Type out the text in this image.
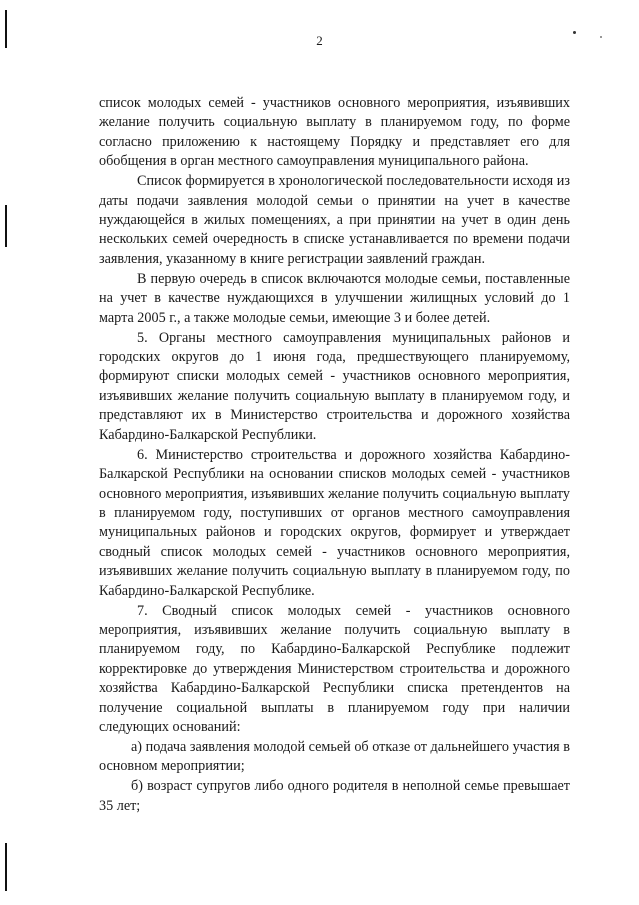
2

список молодых семей - участников основного мероприятия, изъявивших желание получить социальную выплату в планируемом году, по форме согласно приложению к настоящему Порядку и представляет его для обобщения в орган местного самоуправления муниципального района.

Список формируется в хронологической последовательности исходя из даты подачи заявления молодой семьи о принятии на учет в качестве нуждающейся в жилых помещениях, а при принятии на учет в один день нескольких семей очередность в списке устанавливается по времени подачи заявления, указанному в книге регистрации заявлений граждан.

В первую очередь в список включаются молодые семьи, поставленные на учет в качестве нуждающихся в улучшении жилищных условий до 1 марта 2005 г., а также молодые семьи, имеющие 3 и более детей.

5. Органы местного самоуправления муниципальных районов и городских округов до 1 июня года, предшествующего планируемому, формируют списки молодых семей - участников основного мероприятия, изъявивших желание получить социальную выплату в планируемом году, и представляют их в Министерство строительства и дорожного хозяйства Кабардино-Балкарской Республики.

6. Министерство строительства и дорожного хозяйства Кабардино-Балкарской Республики на основании списков молодых семей - участников основного мероприятия, изъявивших желание получить социальную выплату в планируемом году, поступивших от органов местного самоуправления муниципальных районов и городских округов, формирует и утверждает сводный список молодых семей - участников основного мероприятия, изъявивших желание получить социальную выплату в планируемом году, по Кабардино-Балкарской Республике.

7. Сводный список молодых семей - участников основного мероприятия, изъявивших желание получить социальную выплату в планируемом году, по Кабардино-Балкарской Республике подлежит корректировке до утверждения Министерством строительства и дорожного хозяйства Кабардино-Балкарской Республики списка претендентов на получение социальной выплаты в планируемом году при наличии следующих оснований:

а) подача заявления молодой семьей об отказе от дальнейшего участия в основном мероприятии;

б) возраст супругов либо одного родителя в неполной семье превышает 35 лет;
